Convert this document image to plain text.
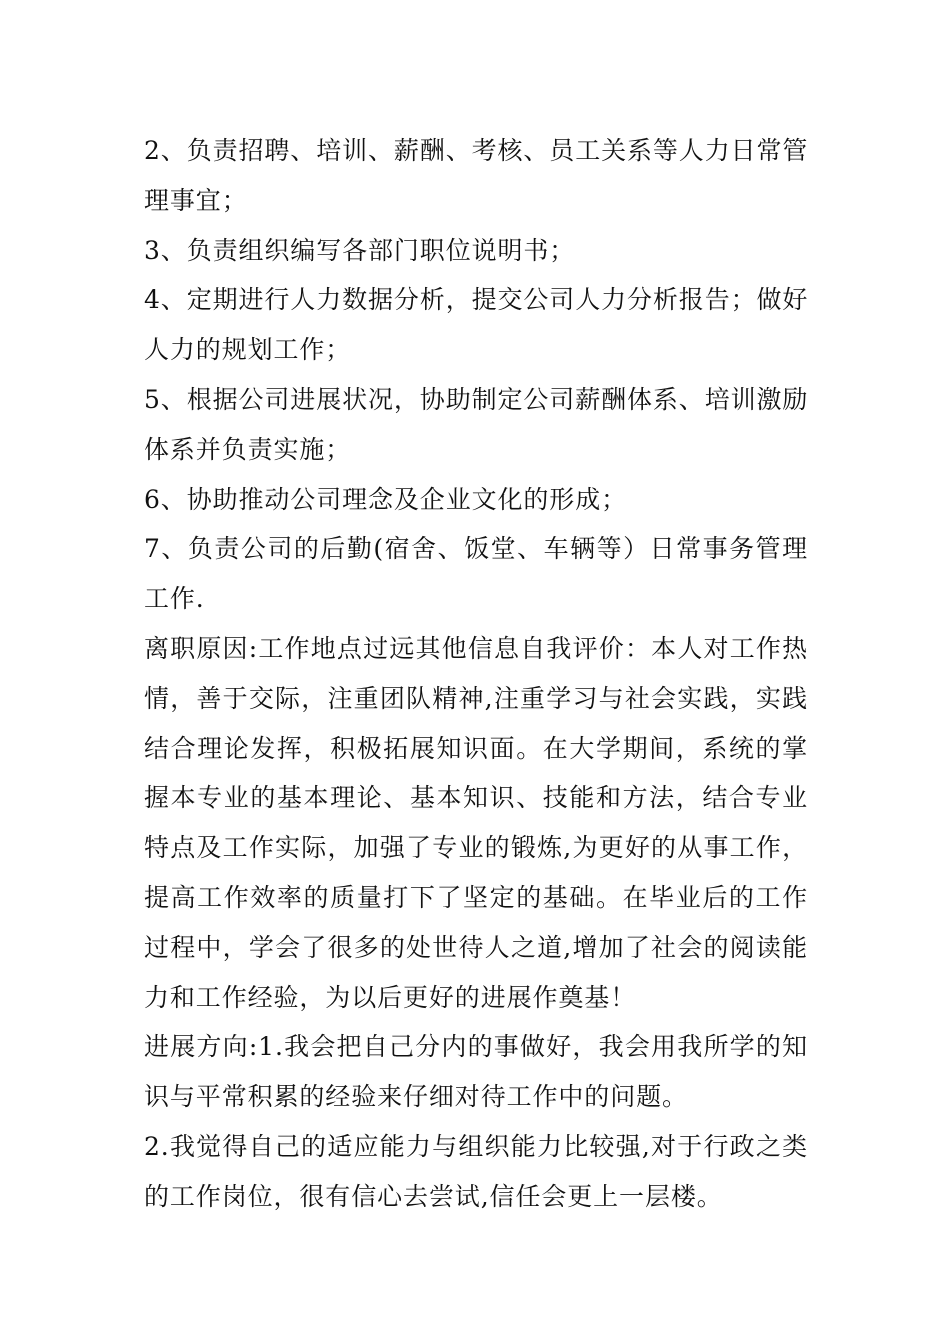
2、负责招聘、培训、薪酬、考核、员工关系等人力日常管
理事宜；
3、负责组织编写各部门职位说明书；
4、定期进行人力数据分析，提交公司人力分析报告；做好
人力的规划工作；
5、根据公司进展状况，协助制定公司薪酬体系、培训激励
体系并负责实施；
6、协助推动公司理念及企业文化的形成；
7、负责公司的后勤(宿舍、饭堂、车辆等）日常事务管理
工作.
离职原因:工作地点过远其他信息自我评价：本人对工作热
情，善于交际，注重团队精神,注重学习与社会实践，实践
结合理论发挥，积极拓展知识面。在大学期间，系统的掌
握本专业的基本理论、基本知识、技能和方法，结合专业
特点及工作实际，加强了专业的锻炼,为更好的从事工作，
提高工作效率的质量打下了坚定的基础。在毕业后的工作
过程中，学会了很多的处世待人之道,增加了社会的阅读能
力和工作经验，为以后更好的进展作奠基！
进展方向:1.我会把自己分内的事做好，我会用我所学的知
识与平常积累的经验来仔细对待工作中的问题。
2.我觉得自己的适应能力与组织能力比较强,对于行政之类
的工作岗位，很有信心去尝试,信任会更上一层楼。
